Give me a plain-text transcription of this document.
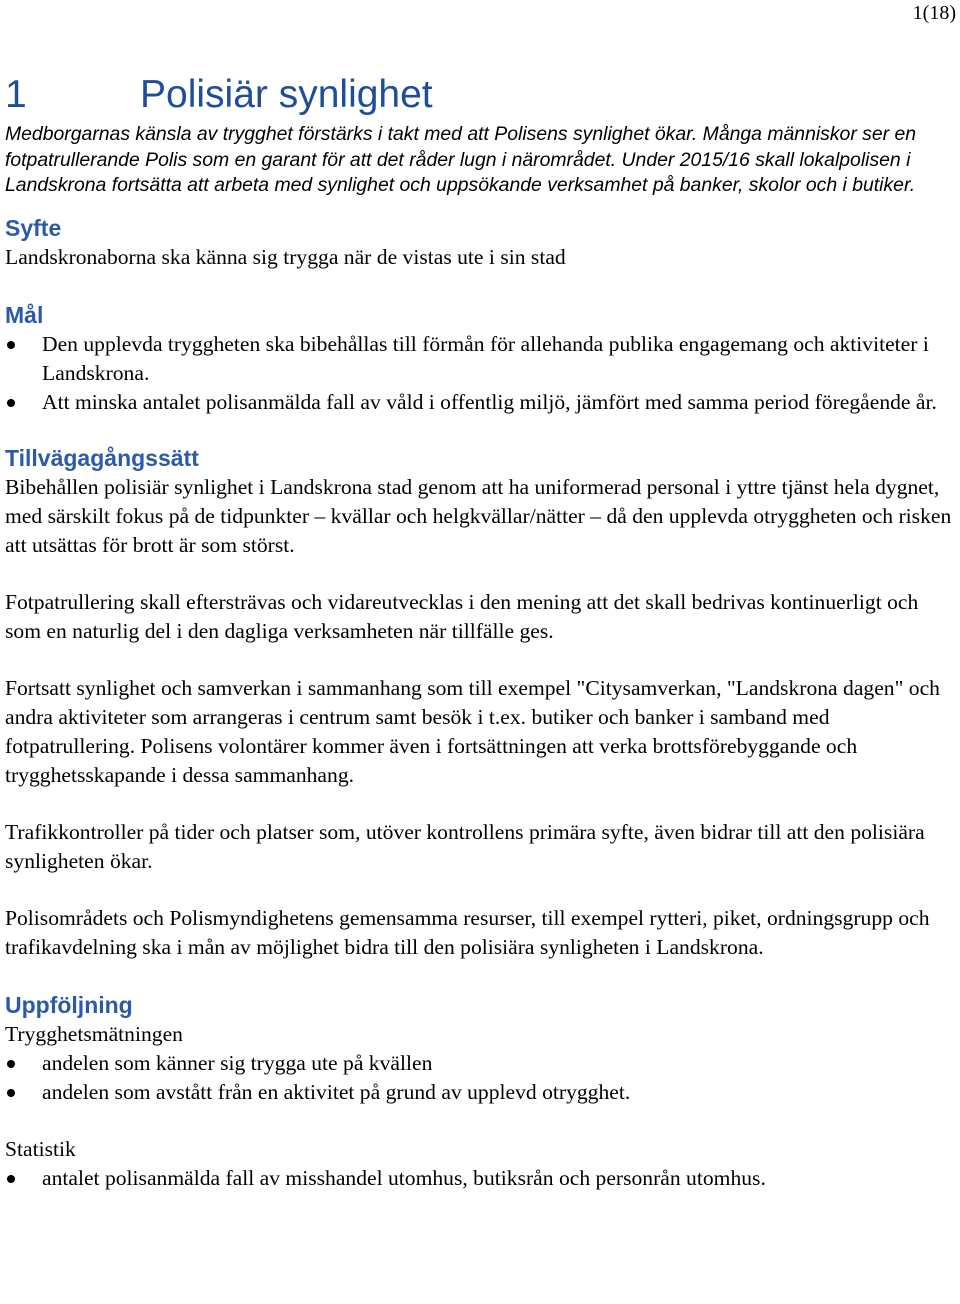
1(18)
1	Polisiär synlighet

Medborgarnas känsla av trygghet förstärks i takt med att Polisens synlighet ökar. Många människor ser en fotpatrullerande Polis som en garant för att det råder lugn i närområdet. Under 2015/16 skall lokalpolisen i Landskrona fortsätta att arbeta med synlighet och uppsökande verksamhet på banker, skolor och i butiker.

Syfte

Landskronaborna ska känna sig trygga när de vistas ute i sin stad

Mål
Den upplevda tryggheten ska bibehållas till förmån för allehanda publika engagemang och aktiviteter i Landskrona.
Att minska antalet polisanmälda fall av våld i offentlig miljö, jämfört med samma period föregående år.
Tillvägagångssätt

Bibehållen polisiär synlighet i Landskrona stad genom att ha uniformerad personal i yttre tjänst hela dygnet, med särskilt fokus på de tidpunkter – kvällar och helgkvällar/nätter – då den upplevda otryggheten och risken att utsättas för brott är som störst.

Fotpatrullering skall eftersträvas och vidareutvecklas i den mening att det skall bedrivas kontinuerligt och som en naturlig del i den dagliga verksamheten när tillfälle ges.

Fortsatt synlighet och samverkan i sammanhang som till exempel "Citysamverkan, "Landskrona dagen" och andra aktiviteter som arrangeras i centrum samt besök i t.ex. butiker och banker i samband med fotpatrullering. Polisens volontärer kommer även i fortsättningen att verka brottsförebyggande och trygghetsskapande i dessa sammanhang.

Trafikkontroller på tider och platser som, utöver kontrollens primära syfte, även bidrar till att den polisiära synligheten ökar.

Polisområdets och Polismyndighetens gemensamma resurser, till exempel rytteri, piket, ordningsgrupp och trafikavdelning ska i mån av möjlighet bidra till den polisiära synligheten i Landskrona.

Uppföljning

Trygghetsmätningen

andelen som känner sig trygga ute på kvällen
andelen som avstått från en aktivitet på grund av upplevd otrygghet.

Statistik

antalet polisanmälda fall av misshandel utomhus, butiksrån och personrån utomhus.
